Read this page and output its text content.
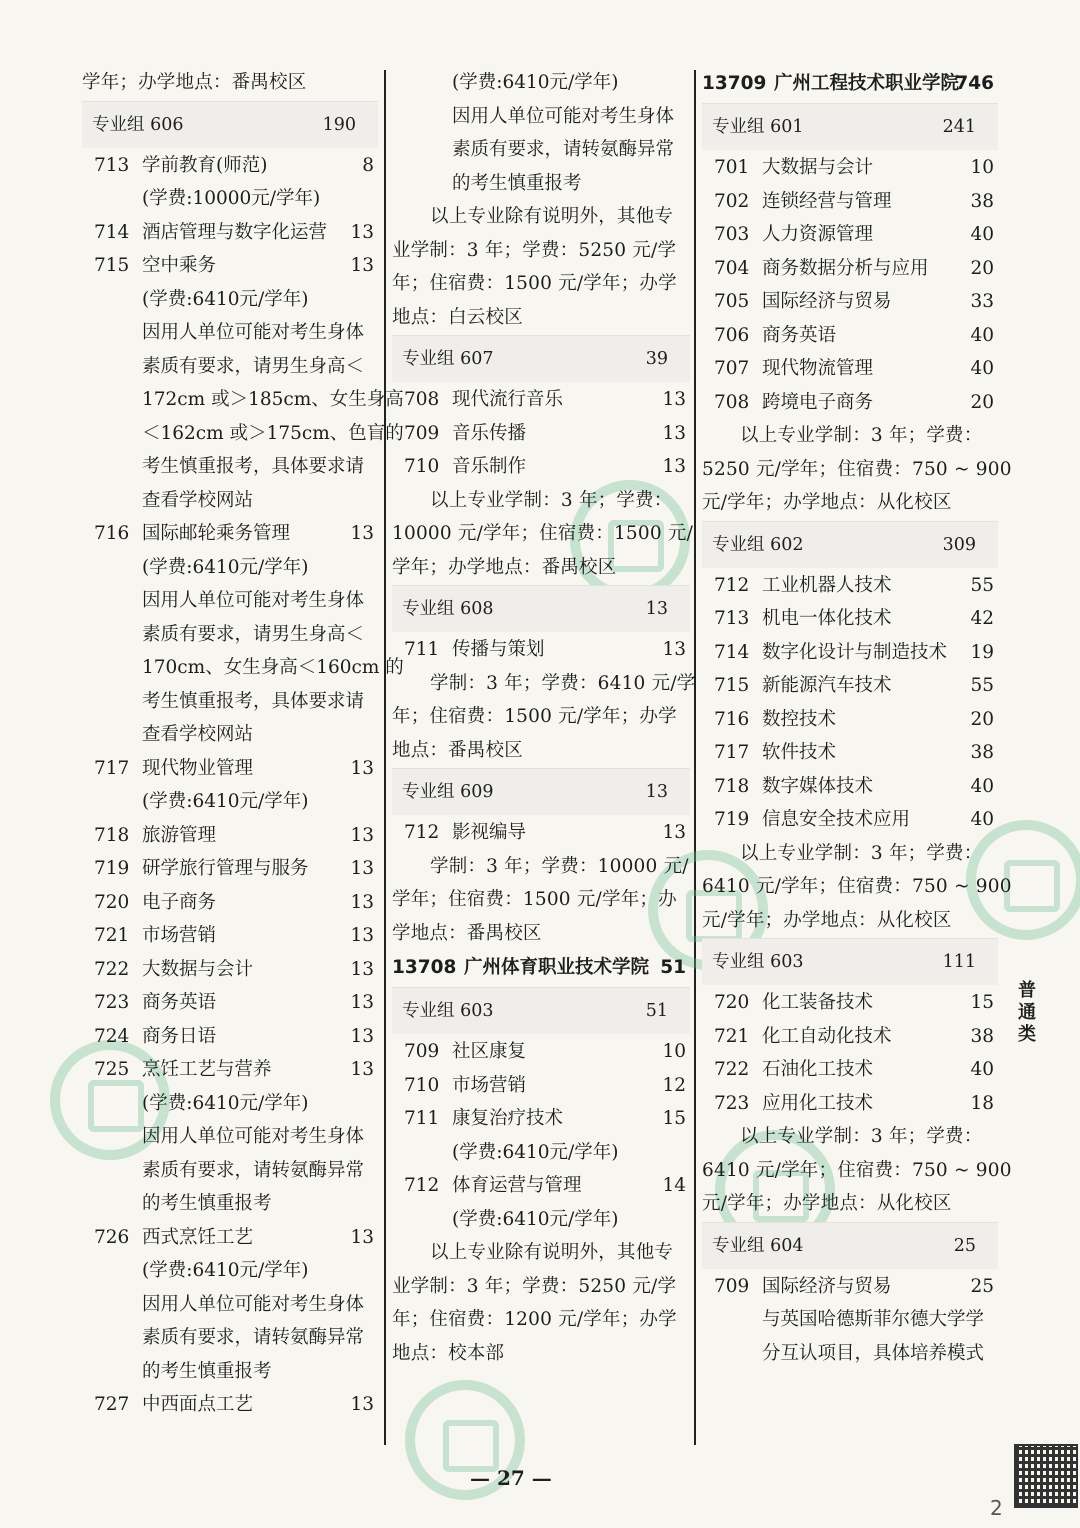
学年；办学地点：番禺校区
专业组 606	190
713 学前教育(师范)	8
(学费:10000元/学年)
714 酒店管理与数字化运营 13
715 空中乘务	13
(学费:6410元/学年)
因用人单位可能对考生身体
素质有要求，请男生身高＜
172cm 或＞185cm、女生身高
＜162cm 或＞175cm、色盲的
考生慎重报考，具体要求请
查看学校网站
716 国际邮轮乘务管理	13
(学费:6410元/学年)
因用人单位可能对考生身体
素质有要求，请男生身高＜
170cm、女生身高＜160cm 的
考生慎重报考，具体要求请
查看学校网站
717 现代物业管理	13
(学费:6410元/学年)
718 旅游管理	13
719 研学旅行管理与服务 13
720 电子商务	13
721 市场营销	13
722 大数据与会计	13
723 商务英语	13
724 商务日语	13
725 烹饪工艺与营养	13
(学费:6410元/学年)
因用人单位可能对考生身体
素质有要求，请转氨酶异常
的考生慎重报考
726 西式烹饪工艺	13
(学费:6410元/学年)
因用人单位可能对考生身体
素质有要求，请转氨酶异常
的考生慎重报考
727 中西面点工艺	13
(学费:6410元/学年)
因用人单位可能对考生身体
素质有要求，请转氨酶异常
的考生慎重报考
以上专业除有说明外，其他专
业学制：3 年；学费：5250 元/学
年；住宿费：1500 元/学年；办学
地点：白云校区
专业组 607	39
708 现代流行音乐	13
709 音乐传播	13
710 音乐制作	13
以上专业学制：3 年；学费：
10000 元/学年；住宿费：1500 元/
学年；办学地点：番禺校区
专业组 608	13
711 传播与策划	13
学制：3 年；学费：6410 元/学
年；住宿费：1500 元/学年；办学
地点：番禺校区
专业组 609	13
712 影视编导	13
学制：3 年；学费：10000 元/
学年；住宿费：1500 元/学年；办
学地点：番禺校区
13708 广州体育职业技术学院 51
专业组 603	51
709 社区康复	10
710 市场营销	12
711 康复治疗技术	15
(学费:6410元/学年)
712 体育运营与管理	14
(学费:6410元/学年)
以上专业除有说明外，其他专
业学制：3 年；学费：5250 元/学
年；住宿费：1200 元/学年；办学
地点：校本部
13709 广州工程技术职业学院
746
专业组 601	241
701 大数据与会计	10
702 连锁经营与管理	38
703 人力资源管理	40
704 商务数据分析与应用 20
705 国际经济与贸易	33
706 商务英语	40
707 现代物流管理	40
708 跨境电子商务	20
以上专业学制：3 年；学费：
5250 元/学年；住宿费：750 ~ 900
元/学年；办学地点：从化校区
专业组 602	309
712 工业机器人技术	55
713 机电一体化技术	42
714 数字化设计与制造技术 19
715 新能源汽车技术	55
716 数控技术	20
717 软件技术	38
718 数字媒体技术	40
719 信息安全技术应用	40
以上专业学制：3 年；学费：
6410 元/学年；住宿费：750 ~ 900
元/学年；办学地点：从化校区
专业组 603	111
720 化工装备技术	15
721 化工自动化技术	38
722 石油化工技术	40
723 应用化工技术	18
以上专业学制：3 年；学费：
6410 元/学年；住宿费：750 ~ 900
元/学年；办学地点：从化校区
专业组 604	25
709 国际经济与贸易	25
与英国哈德斯菲尔德大学学
分互认项目，具体培养模式
普通类
— 27 —
2
